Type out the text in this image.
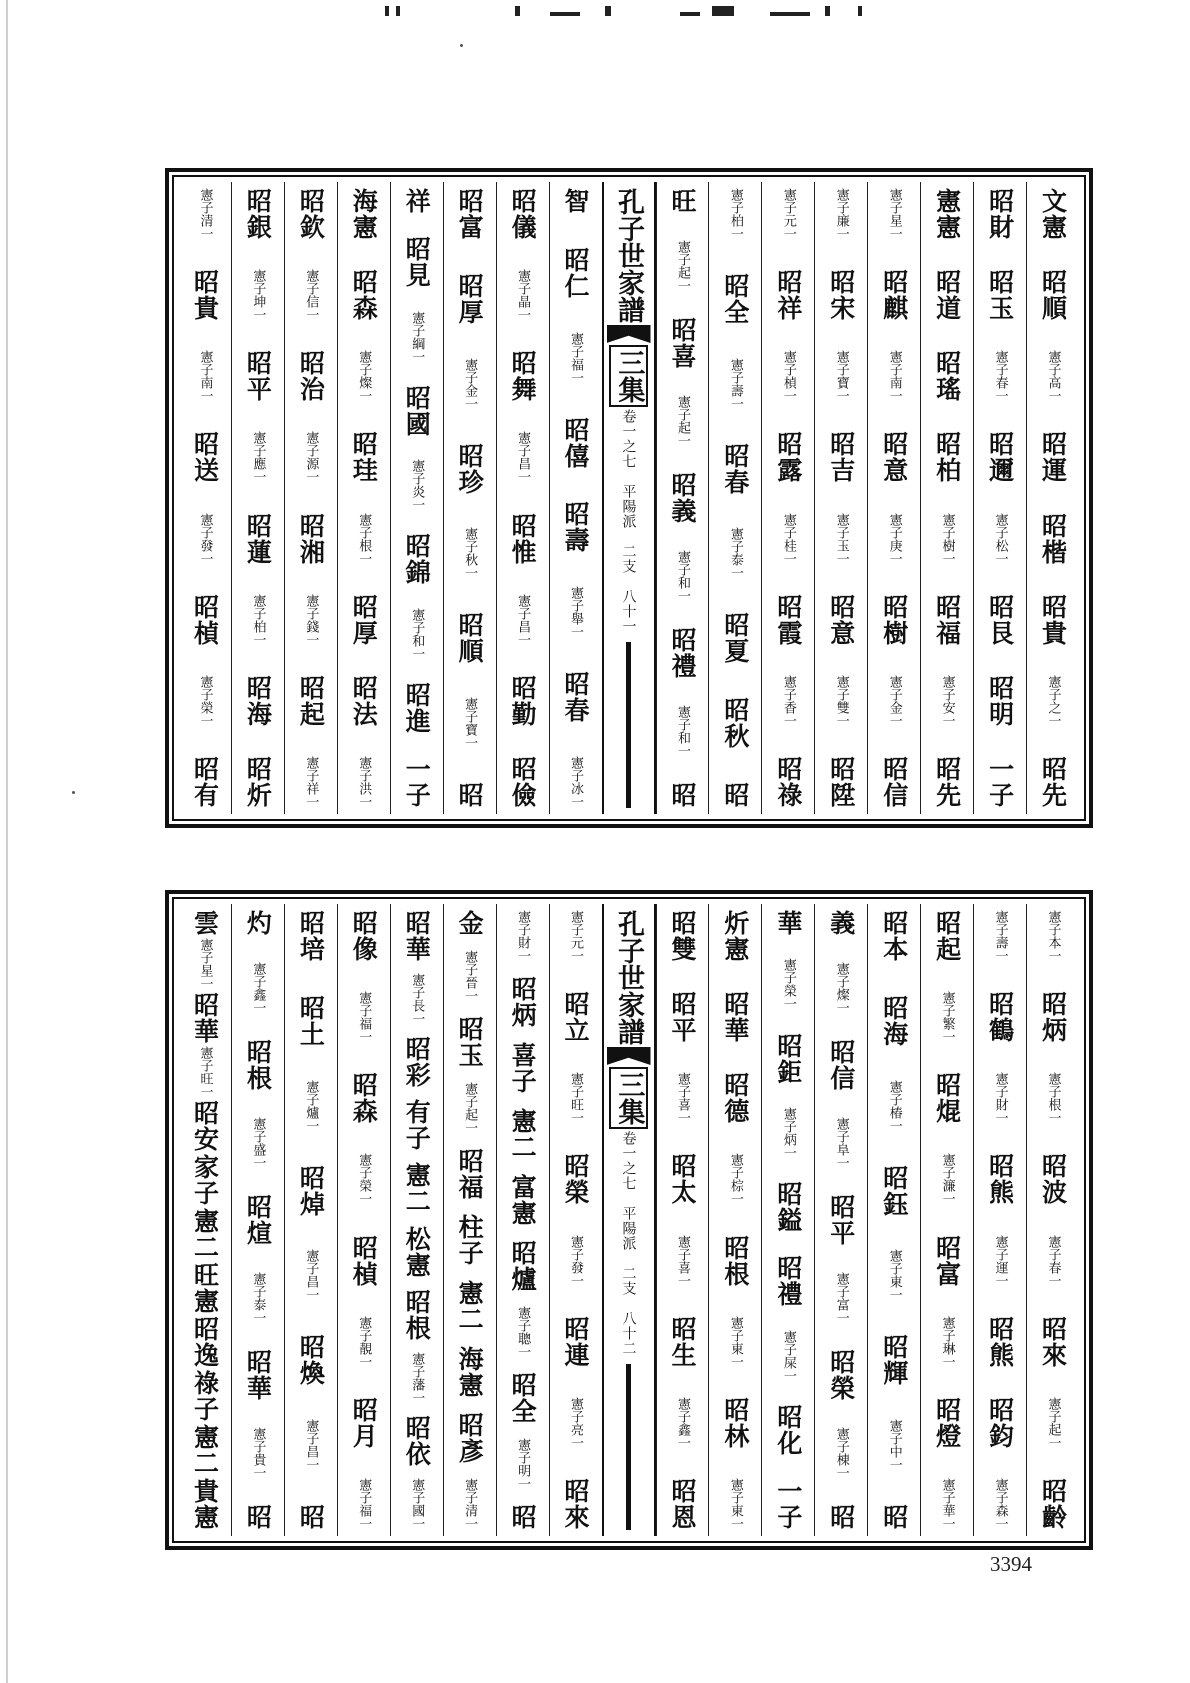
文憲
昭順
憲子高一
昭運
昭楷
昭貴
憲子之一
昭先
昭財
昭玉
憲子春一
昭邇
憲子松一
昭艮
昭明
一子
憲憲
昭道
昭瑤
昭柏
憲子樹一
昭福
憲子安一
昭先
憲子星一
昭麒
憲子南一
昭意
憲子庚一
昭樹
憲子金一
昭信
憲子廉一
昭宋
憲子寶一
昭吉
憲子玉一
昭意
憲子雙一
昭陞
憲子元一
昭祥
憲子楨一
昭露
憲子桂一
昭霞
憲子香一
昭祿
憲子柏一
昭全
憲子壽一
昭春
憲子泰一
昭夏
昭秋
昭
旺
憲子起一
昭喜
憲子起一
昭義
憲子和一
昭禮
憲子和一
昭
孔子世家譜
三集
卷一之七　平陽派　二支　八十一
智
昭仁
憲子福一
昭僖
昭壽
憲子舉一
昭春
憲子冰一
昭儀
憲子晶一
昭舞
憲子昌一
昭惟
憲子昌一
昭勤
昭儉
昭富
昭厚
憲子金一
昭珍
憲子秋一
昭順
憲子寶一
昭
祥
昭見
憲子綱一
昭國
憲子炎一
昭錦
憲子和一
昭進
一子
海憲
昭森
憲子燦一
昭珪
憲子根一
昭厚
昭法
憲子洪一
昭欽
憲子信一
昭治
憲子源一
昭湘
憲子錢一
昭起
憲子祥一
昭銀
憲子坤一
昭平
憲子應一
昭蓮
憲子柏一
昭海
昭炘
憲子清一
昭貴
憲子南一
昭送
憲子發一
昭楨
憲子榮一
昭有
憲子本一
昭炳
憲子根一
昭波
憲子春一
昭來
憲子起一
昭齡
憲子壽一
昭鶴
憲子財一
昭熊
憲子運一
昭熊
昭鈞
憲子森一
昭起
憲子繁一
昭焜
憲子濂一
昭富
憲子琳一
昭燈
憲子華一
昭本
昭海
憲子椿一
昭鈺
憲子東一
昭輝
憲子中一
昭
義
憲子燦一
昭信
憲子阜一
昭平
憲子富一
昭榮
憲子棟一
昭
華
憲子榮一
昭鉅
憲子炳一
昭鎰
昭禮
憲子屎一
昭化
一子
炘憲
昭華
昭德
憲子棕一
昭根
憲子東一
昭林
憲子東一
昭雙
昭平
憲子喜一
昭太
憲子喜一
昭生
憲子鑫一
昭恩
孔子世家譜
三集
卷一之七　平陽派　二支　八十二
憲子元一
昭立
憲子旺一
昭榮
憲子發一
昭連
憲子亮一
昭來
憲子財一
昭炳
喜子
憲二
富憲
昭爐
憲子聰一
昭全
憲子明一
昭
金
憲子晉一
昭玉
憲子起一
昭福
柱子
憲二
海憲
昭彥
憲子清一
昭華
憲子長一
昭彩
有子
憲二
松憲
昭根
憲子藩一
昭依
憲子國一
昭像
憲子福一
昭森
憲子榮一
昭楨
憲子靚一
昭月
憲子福一
昭培
昭土
憲子爐一
昭焯
憲子昌一
昭煥
憲子昌一
昭
灼
憲子鑫一
昭根
憲子盛一
昭煊
憲子泰一
昭華
憲子貴一
昭
雲
憲子星一
昭華
憲子旺一
昭安
家子
憲二
旺憲
昭逸
祿子
憲二
貴憲
3394
